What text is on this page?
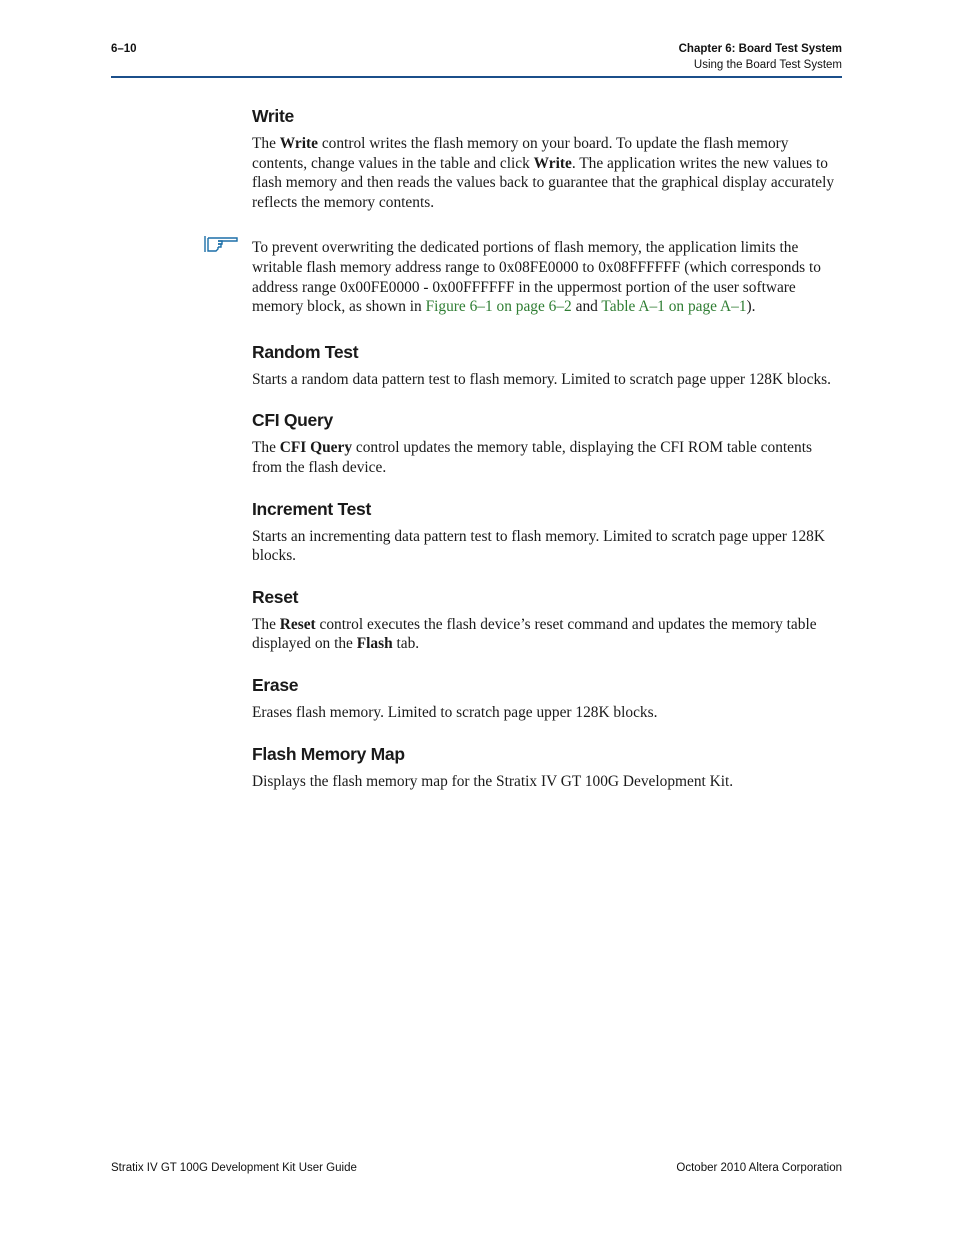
6–10	Chapter 6: Board Test System
Using the Board Test System
Write

The Write control writes the flash memory on your board. To update the flash memory contents, change values in the table and click Write. The application writes the new values to flash memory and then reads the values back to guarantee that the graphical display accurately reflects the memory contents.

To prevent overwriting the dedicated portions of flash memory, the application limits the writable flash memory address range to 0x08FE0000 to 0x08FFFFFF (which corresponds to address range 0x00FE0000 - 0x00FFFFFF in the uppermost portion of the user software memory block, as shown in Figure 6–1 on page 6–2 and Table A–1 on page A–1).

Random Test

Starts a random data pattern test to flash memory. Limited to scratch page upper 128K blocks.

CFI Query

The CFI Query control updates the memory table, displaying the CFI ROM table contents from the flash device.

Increment Test

Starts an incrementing data pattern test to flash memory. Limited to scratch page upper 128K blocks.

Reset

The Reset control executes the flash device’s reset command and updates the memory table displayed on the Flash tab.

Erase

Erases flash memory. Limited to scratch page upper 128K blocks.

Flash Memory Map

Displays the flash memory map for the Stratix IV GT 100G Development Kit.

Stratix IV GT 100G Development Kit User Guide	October 2010 Altera Corporation
